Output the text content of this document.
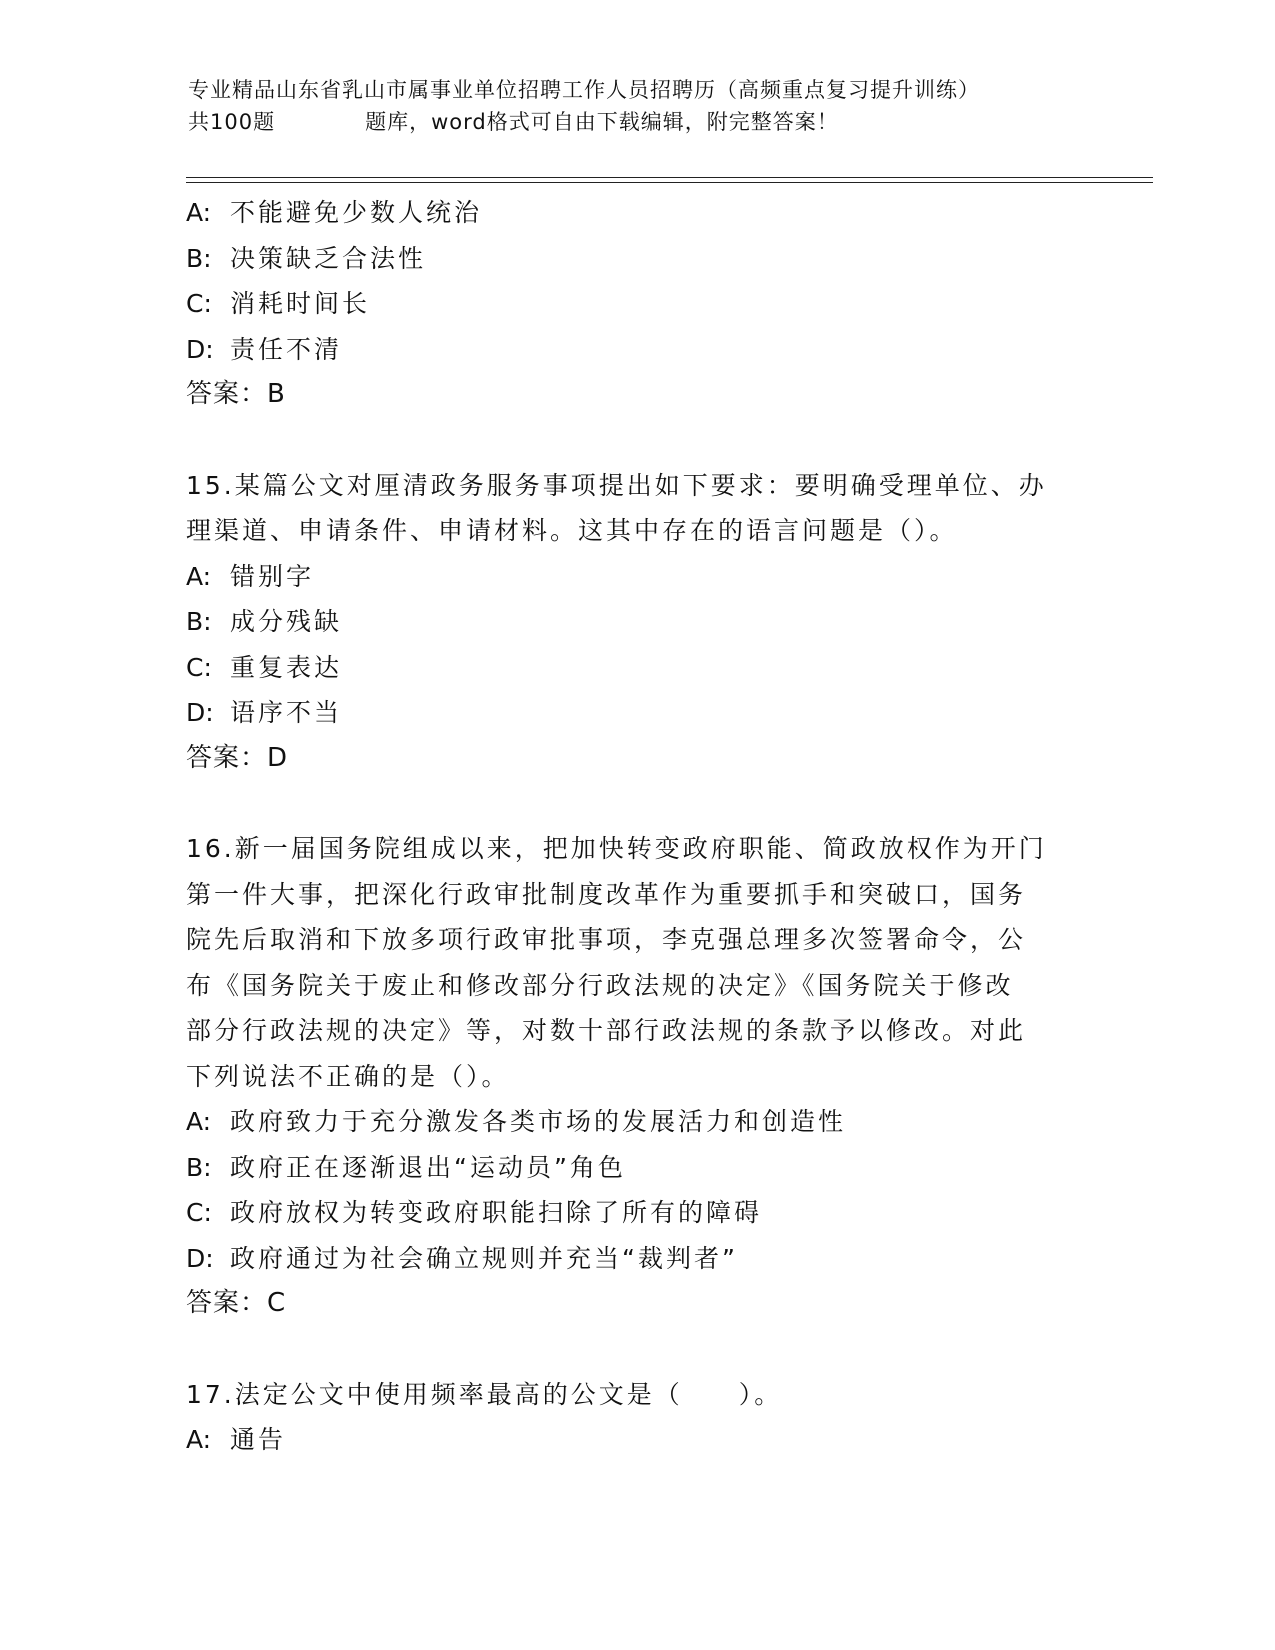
专业精品山东省乳山市属事业单位招聘工作人员招聘历（高频重点复习提升训练）
共100题	题库，word格式可自由下载编辑，附完整答案！
A: 不能避免少数人统治
B: 决策缺乏合法性
C: 消耗时间长
D: 责任不清
答案：B
15.某篇公文对厘清政务服务事项提出如下要求：要明确受理单位、办
理渠道、申请条件、申请材料。这其中存在的语言问题是（）。
A: 错别字
B: 成分残缺
C: 重复表达
D: 语序不当
答案：D
16.新一届国务院组成以来，把加快转变政府职能、简政放权作为开门
第一件大事，把深化行政审批制度改革作为重要抓手和突破口，国务
院先后取消和下放多项行政审批事项，李克强总理多次签署命令，公
布《国务院关于废止和修改部分行政法规的决定》《国务院关于修改
部分行政法规的决定》等，对数十部行政法规的条款予以修改。对此
下列说法不正确的是（）。
A: 政府致力于充分激发各类市场的发展活力和创造性
B: 政府正在逐渐退出“运动员”角色
C: 政府放权为转变政府职能扫除了所有的障碍
D: 政府通过为社会确立规则并充当“裁判者”
答案：C
17.法定公文中使用频率最高的公文是（　　）。
A: 通告
